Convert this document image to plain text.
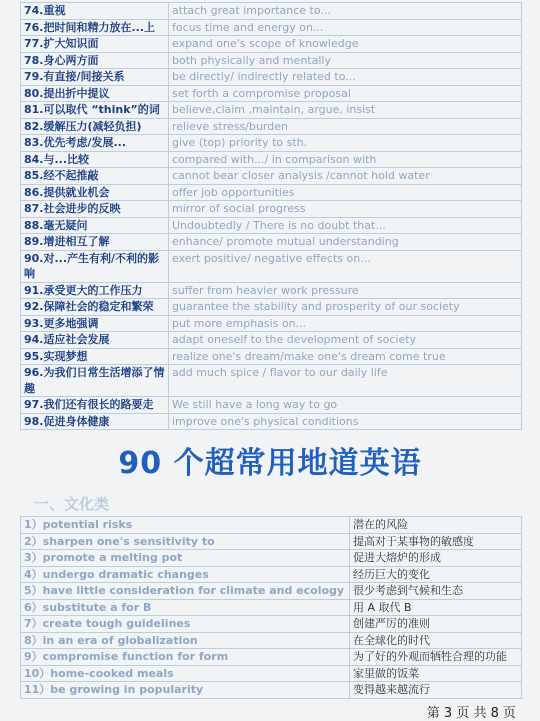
74.重视	attach great importance to...
76.把时间和精力放在...上	focus time and energy on...
77.扩大知识面	expand one's scope of knowledge
78.身心两方面	both physically and mentally
79.有直接/间接关系	be directly/ indirectly related to...
80.提出折中提议	set forth a compromise proposal
81.可以取代 “think”的词	believe,claim ,maintain, argue, insist
82.缓解压力(减轻负担)	relieve stress/burden
83.优先考虑/发展...	give (top) priority to sth.
84.与...比较	compared with.../ in comparison with
85.经不起推敲	cannot bear closer analysis /cannot hold water
86.提供就业机会	offer job opportunities
87.社会进步的反映	mirror of social progress
88.毫无疑问	Undoubtedly / There is no doubt that...
89.增进相互了解	enhance/ promote mutual understanding
90.对...产生有利/不利的影响	exert positive/ negative effects on...
91.承受更大的工作压力	suffer from heavier work pressure
92.保障社会的稳定和繁荣	guarantee the stability and prosperity of our society
93.更多地强调	put more emphasis on...
94.适应社会发展	adapt oneself to the development of society
95.实现梦想	realize one's dream/make one's dream come true
96.为我们日常生活增添了情趣	add much spice / flavor to our daily life
97.我们还有很长的路要走	We still have a long way to go
98.促进身体健康	improve one's physical conditions
90 个超常用地道英语
一、文化类
1）potential risks	潜在的风险
2）sharpen one's sensitivity to	提高对于某事物的敏感度
3）promote a melting pot	促进大熔炉的形成
4）undergo dramatic changes	经历巨大的变化
5）have little consideration for climate and ecology	很少考虑到气候和生态
6）substitute a for B	用 A 取代 B
7）create tough guidelines	创建严厉的准则
8）in an era of globalization	在全球化的时代
9）compromise function for form	为了好的外观而牺牲合理的功能
10）home-cooked meals	家里做的饭菜
11）be growing in popularity	变得越来越流行
第 3 页 共 8 页
